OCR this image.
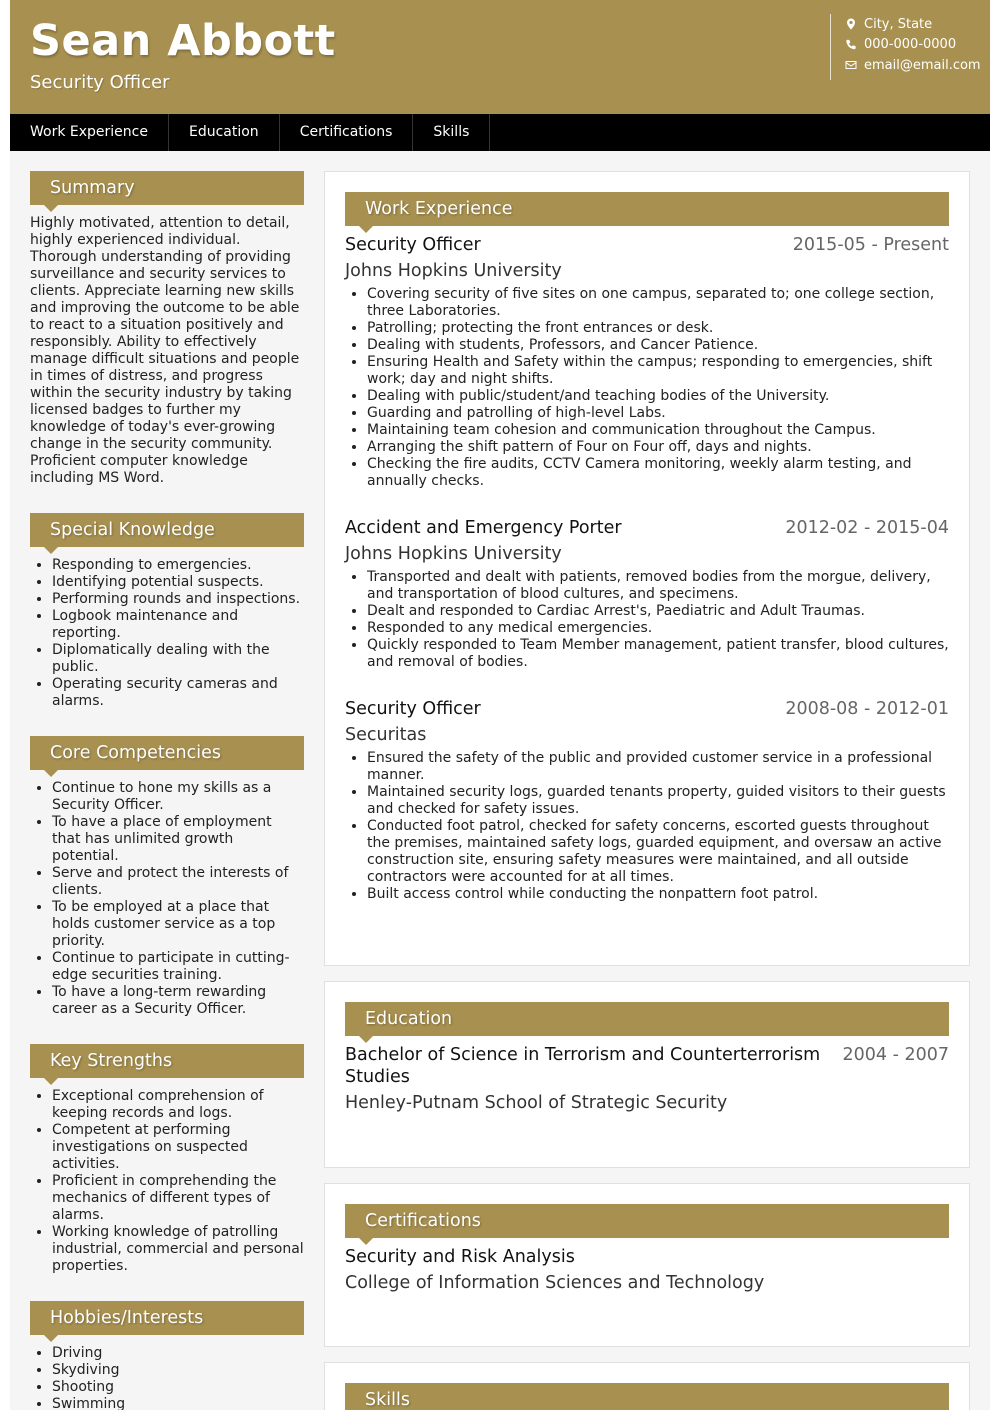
Sean Abbott
Security Officer
City, State
000-000-0000
email@email.com
Work Experience	Education	Certifications	Skills
Summary
Highly motivated, attention to detail, highly experienced individual. Thorough understanding of providing surveillance and security services to clients. Appreciate learning new skills and improving the outcome to be able to react to a situation positively and responsibly. Ability to effectively manage difficult situations and people in times of distress, and progress within the security industry by taking licensed badges to further my knowledge of today's ever-growing change in the security community. Proficient computer knowledge including MS Word.
Special Knowledge
• Responding to emergencies.
• Identifying potential suspects.
• Performing rounds and inspections.
• Logbook maintenance and reporting.
• Diplomatically dealing with the public.
• Operating security cameras and alarms.
Core Competencies
• Continue to hone my skills as a Security Officer.
• To have a place of employment that has unlimited growth potential.
• Serve and protect the interests of clients.
• To be employed at a place that holds customer service as a top priority.
• Continue to participate in cutting-edge securities training.
• To have a long-term rewarding career as a Security Officer.
Key Strengths
• Exceptional comprehension of keeping records and logs.
• Competent at performing investigations on suspected activities.
• Proficient in comprehending the mechanics of different types of alarms.
• Working knowledge of patrolling industrial, commercial and personal properties.
Hobbies/Interests
• Driving
• Skydiving
• Shooting
• Swimming
Work Experience
Security Officer	2015-05 - Present
Johns Hopkins University
• Covering security of five sites on one campus, separated to; one college section, three Laboratories.
• Patrolling; protecting the front entrances or desk.
• Dealing with students, Professors, and Cancer Patience.
• Ensuring Health and Safety within the campus; responding to emergencies, shift work; day and night shifts.
• Dealing with public/student/and teaching bodies of the University.
• Guarding and patrolling of high-level Labs.
• Maintaining team cohesion and communication throughout the Campus.
• Arranging the shift pattern of Four on Four off, days and nights.
• Checking the fire audits, CCTV Camera monitoring, weekly alarm testing, and annually checks.
Accident and Emergency Porter	2012-02 - 2015-04
Johns Hopkins University
• Transported and dealt with patients, removed bodies from the morgue, delivery, and transportation of blood cultures, and specimens.
• Dealt and responded to Cardiac Arrest's, Paediatric and Adult Traumas.
• Responded to any medical emergencies.
• Quickly responded to Team Member management, patient transfer, blood cultures, and removal of bodies.
Security Officer	2008-08 - 2012-01
Securitas
• Ensured the safety of the public and provided customer service in a professional manner.
• Maintained security logs, guarded tenants property, guided visitors to their guests and checked for safety issues.
• Conducted foot patrol, checked for safety concerns, escorted guests throughout the premises, maintained safety logs, guarded equipment, and oversaw an active construction site, ensuring safety measures were maintained, and all outside contractors were accounted for at all times.
• Built access control while conducting the nonpattern foot patrol.
Education
Bachelor of Science in Terrorism and Counterterrorism Studies
2004 - 2007
Henley-Putnam School of Strategic Security
Certifications
Security and Risk Analysis
College of Information Sciences and Technology
Skills
